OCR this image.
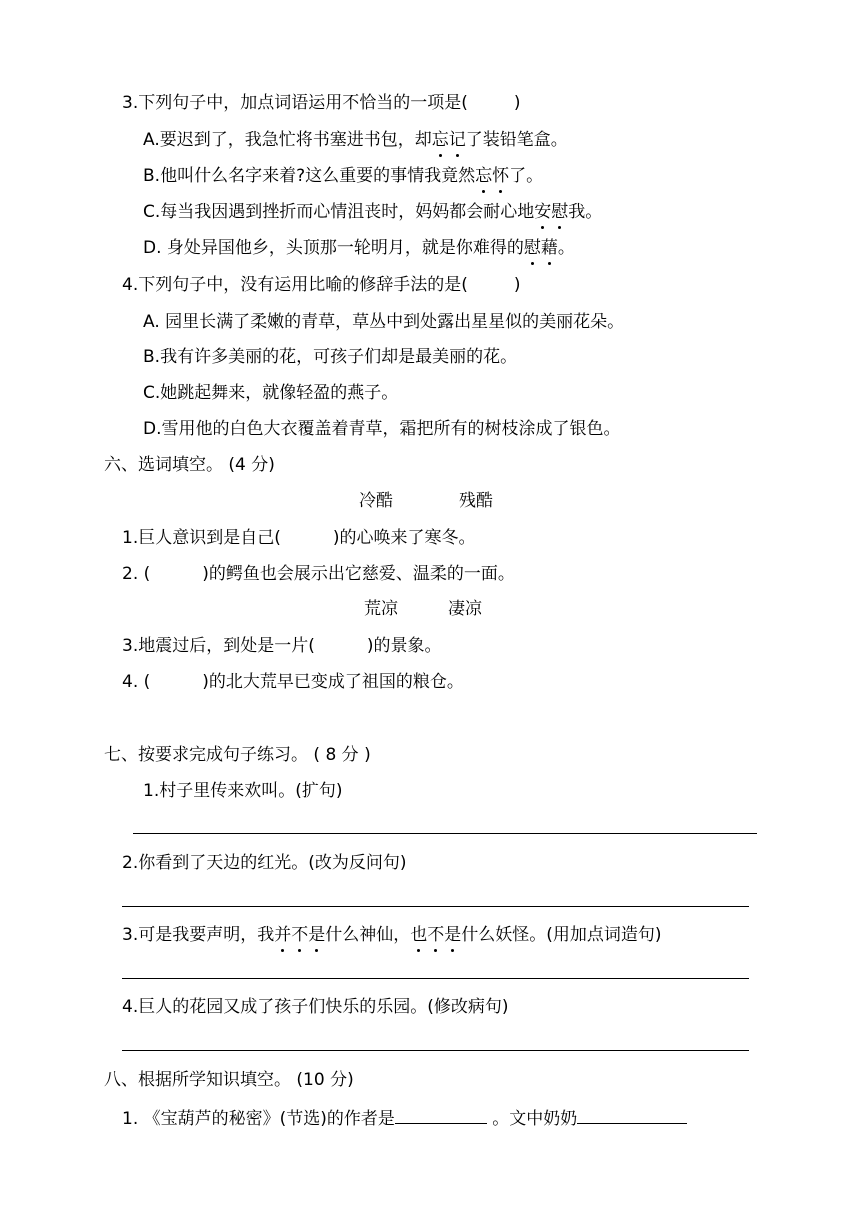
3.下列句子中，加点词语运用不恰当的一项是(	)
A.要迟到了，我急忙将书塞进书包，却忘记了装铅笔盒。
B.他叫什么名字来着?这么重要的事情我竟然忘怀了。
C.每当我因遇到挫折而心情沮丧时，妈妈都会耐心地安慰我。
D. 身处异国他乡，头顶那一轮明月，就是你难得的慰藉。
4.下列句子中，没有运用比喻的修辞手法的是(	)
A. 园里长满了柔嫩的青草，草丛中到处露出星星似的美丽花朵。
B.我有许多美丽的花，可孩子们却是最美丽的花。
C.她跳起舞来，就像轻盈的燕子。
D.雪用他的白色大衣覆盖着青草，霜把所有的树枝涂成了银色。
六、选词填空。 (4 分)
冷酷	残酷
1.巨人意识到是自己(	)的心唤来了寒冬。
2. (	)的鳄鱼也会展示出它慈爱、温柔的一面。
荒凉	凄凉
3.地震过后，到处是一片(	)的景象。
4. (	)的北大荒早已变成了祖国的粮仓。
七、按要求完成句子练习。 ( 8 分 )
1.村子里传来欢叫。(扩句)
2.你看到了天边的红光。(改为反问句)
3.可是我要声明，我并不是什么神仙，也不是什么妖怪。(用加点词造句)
4.巨人的花园又成了孩子们快乐的乐园。(修改病句)
八、根据所学知识填空。 (10 分)
1. 《宝葫芦的秘密》(节选)的作者是	。文中奶奶
